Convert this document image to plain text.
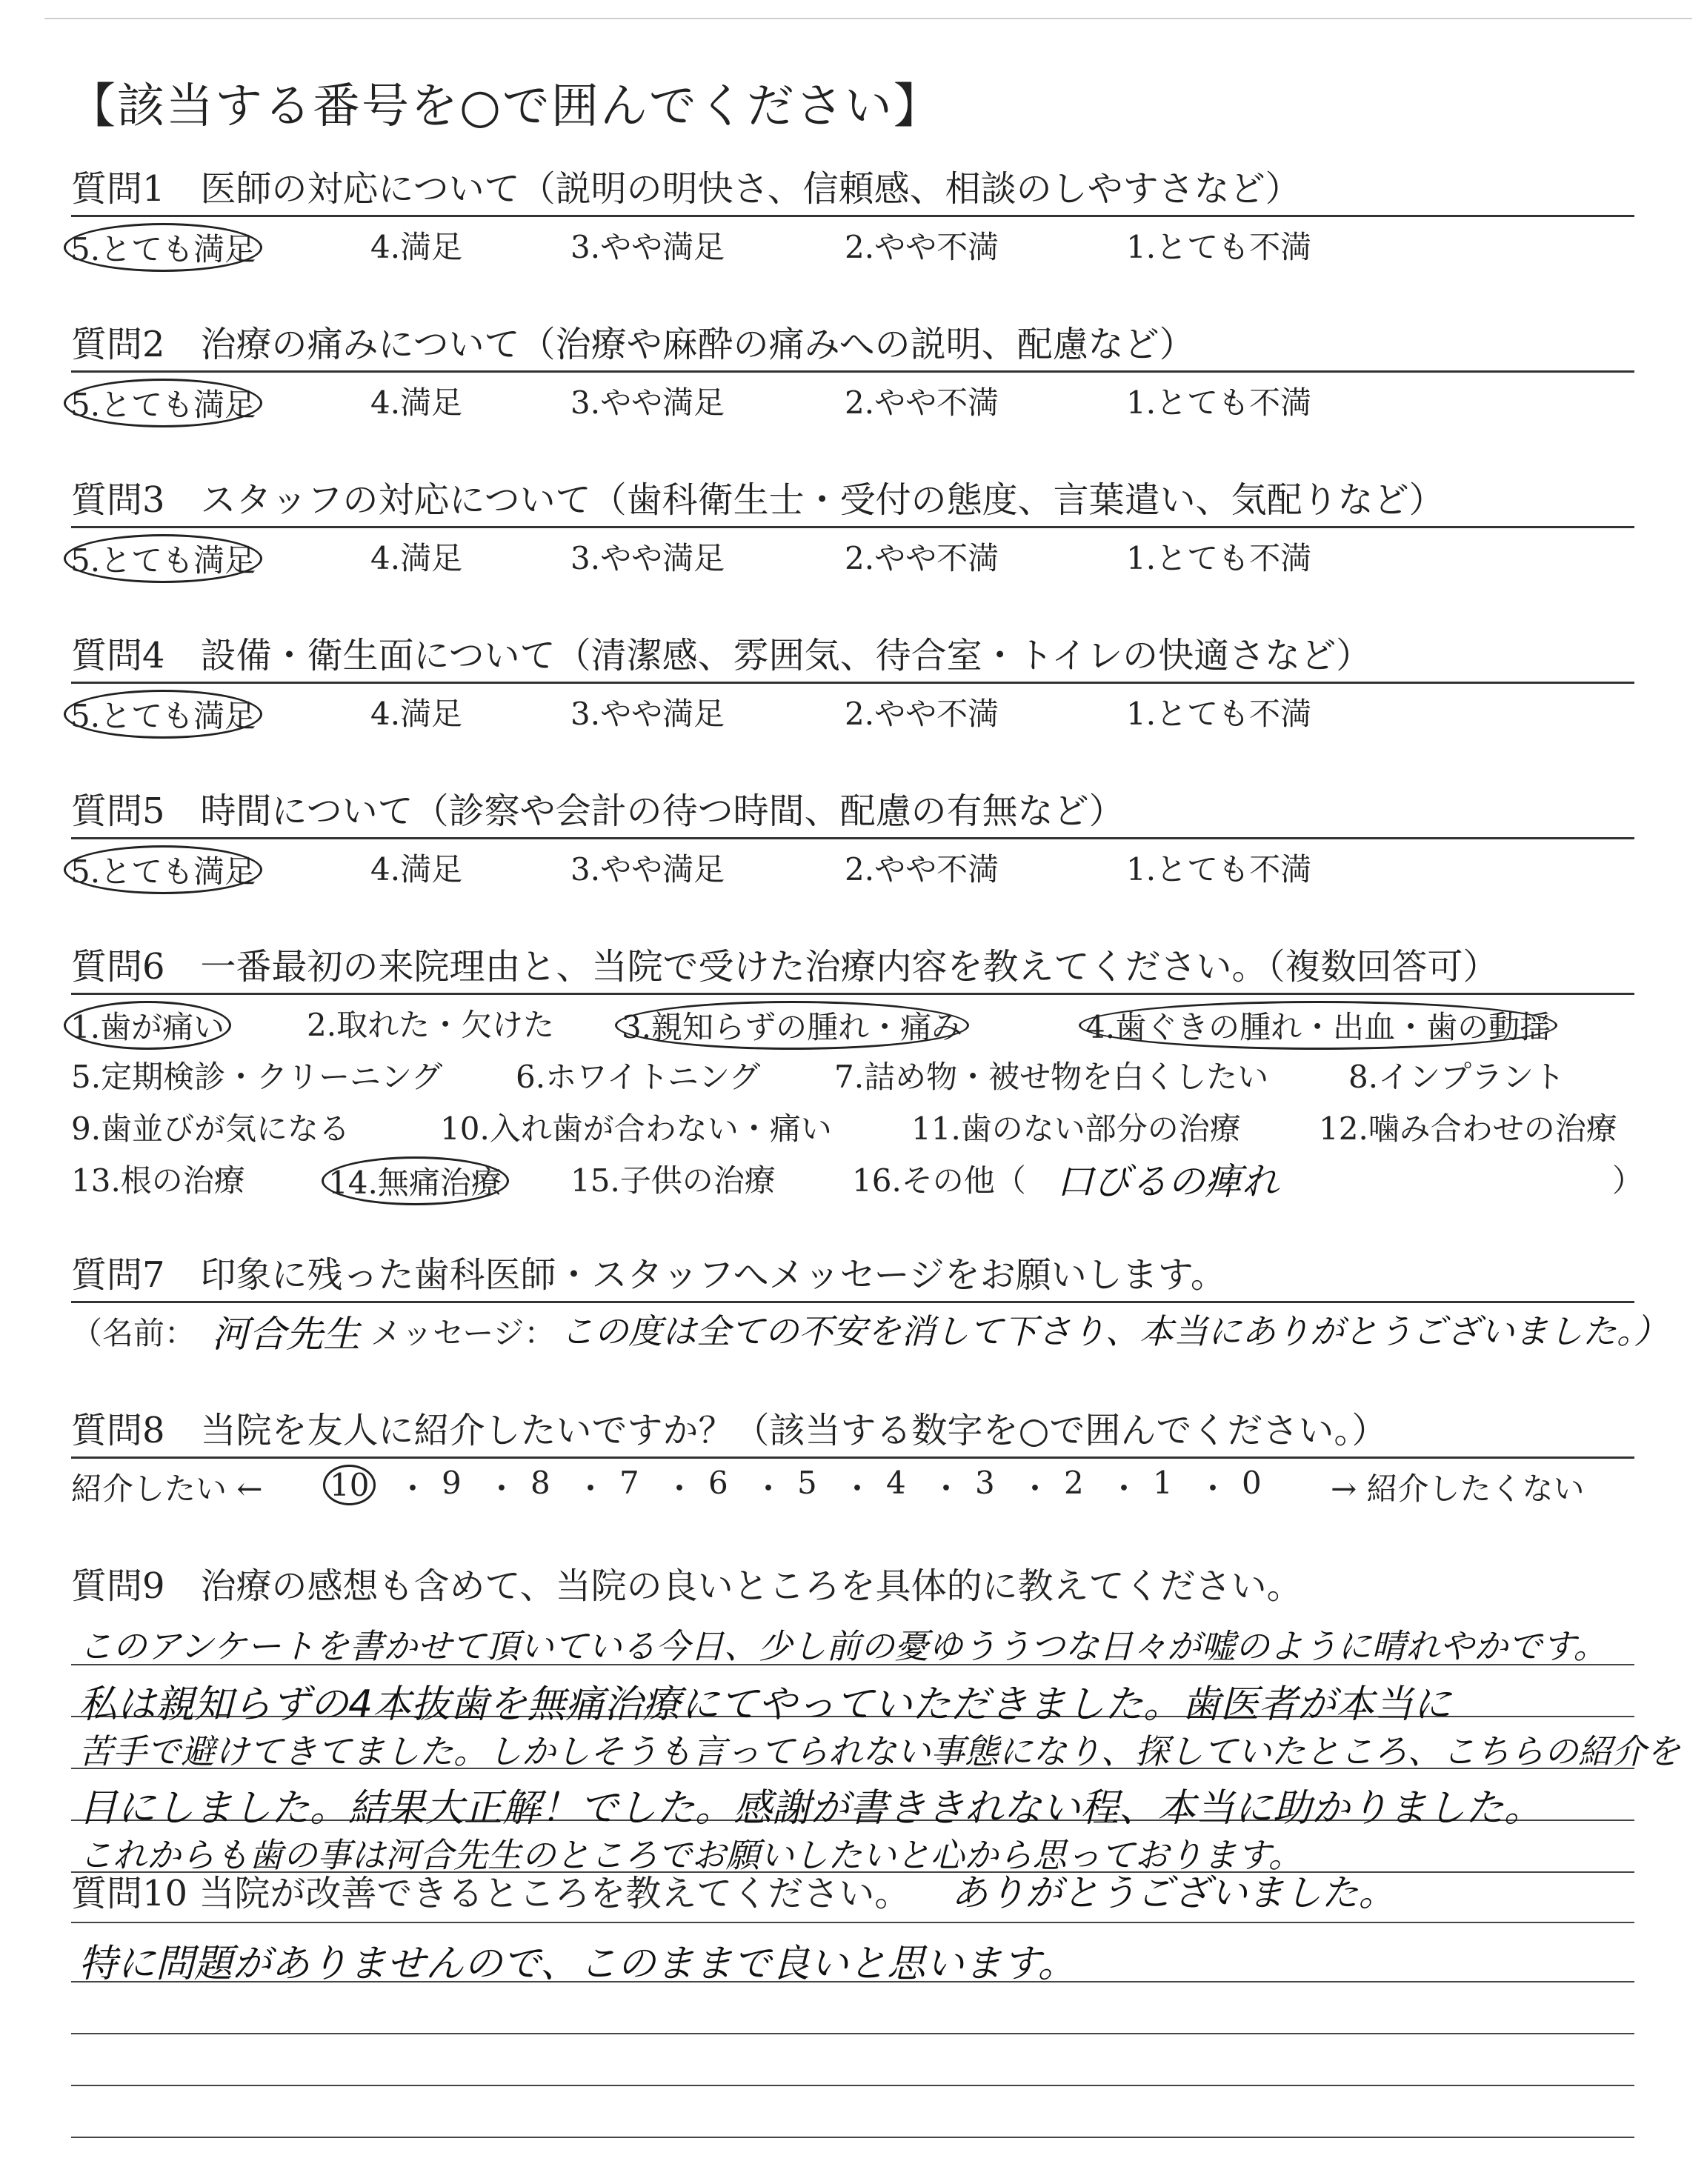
【該当する番号を○で囲んでください】
質問1　医師の対応について（説明の明快さ、信頼感、相談のしやすさなど）
5.とても満足	4.満足	3.やや満足	2.やや不満	1.とても不満
質問2　治療の痛みについて（治療や麻酔の痛みへの説明、配慮など）
5.とても満足	4.満足	3.やや満足	2.やや不満	1.とても不満
質問3　スタッフの対応について（歯科衛生士・受付の態度、言葉遣い、気配りなど）
5.とても満足	4.満足	3.やや満足	2.やや不満	1.とても不満
質問4　設備・衛生面について（清潔感、雰囲気、待合室・トイレの快適さなど）
5.とても満足	4.満足	3.やや満足	2.やや不満	1.とても不満
質問5　時間について（診察や会計の待つ時間、配慮の有無など）
5.とても満足	4.満足	3.やや満足	2.やや不満	1.とても不満
質問6　一番最初の来院理由と、当院で受けた治療内容を教えてください。（複数回答可）
1.歯が痛い	2.取れた・欠けた 3.親知らずの腫れ・痛み	4.歯ぐきの腫れ・出血・歯の動揺
5.定期検診・クリーニング 6.ホワイトニング 7.詰め物・被せ物を白くしたい	8.インプラント
9.歯並びが気になる	10.入れ歯が合わない・痛い	11.歯のない部分の治療	12.噛み合わせの治療
13.根の治療	14.無痛治療 15.子供の治療 16.その他（ 口びるの痺れ	）
質問7　印象に残った歯科医師・スタッフへメッセージをお願いします。
（名前： 河合先生 メッセージ： この度は全ての不安を消して下さり、本当にありがとうございました。）
質問8　当院を友人に紹介したいですか？（該当する数字を○で囲んでください。）
紹介したい ← 10 ・ 9 ・ 8 ・ 7 ・ 6 ・ 5 ・ 4 ・ 3 ・ 2 ・ 1 ・ 0 → 紹介したくない
質問9　治療の感想も含めて、当院の良いところを具体的に教えてください。
このアンケートを書かせて頂いている今日、少し前の憂ゆううつな日々が嘘のように晴れやかです。
私は親知らずの4本抜歯を無痛治療にてやっていただきました。歯医者が本当に
苦手で避けてきてました。しかしそうも言ってられない事態になり、探していたところ、こちらの紹介を
目にしました。結果大正解！でした。感謝が書ききれない程、本当に助かりました。
これからも歯の事は河合先生のところでお願いしたいと心から思っております。
質問10 当院が改善できるところを教えてください。 ありがとうございました。
特に問題がありませんので、このままで良いと思います。
